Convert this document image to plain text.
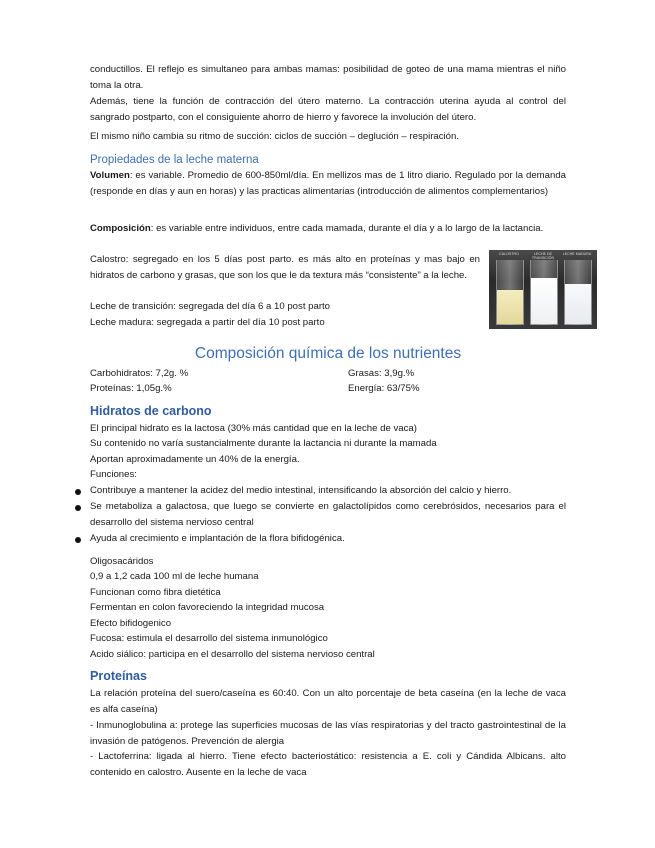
conductillos. El reflejo es simultaneo para ambas mamas: posibilidad de goteo de una mama mientras el niño toma la otra.
Además, tiene la función de contracción del útero materno. La contracción uterina ayuda al control del sangrado postparto, con el consiguiente ahorro de hierro y favorece la involución del útero.
El mismo niño cambia su ritmo de succión: ciclos de succión – deglución – respiración.
Propiedades de la leche materna
Volumen: es variable. Promedio de 600-850ml/día. En mellizos mas de 1 litro diario. Regulado por la demanda (responde en días y aun en horas) y las practicas alimentarias (introducción de alimentos complementarios)
Composición: es variable entre individuos, entre cada mamada, durante el día y a lo largo de la lactancia.
Calostro: segregado en los 5 días post parto. es más alto en proteínas y mas bajo en hidratos de carbono y grasas, que son los que le da textura más “consistente” a la leche.
Leche de transición: segregada del día 6 a 10 post parto
Leche madura: segregada a partir del día 10 post parto
CALOSTRO	LECHE DE TRANSICIÓN
LECHE MADURA
Composición química de los nutrientes
Carbohidratos: 7,2g. %	Grasas: 3,9g.%
Proteínas: 1,05g.%	Energía: 63/75%
Hidratos de carbono
El principal hidrato es la lactosa (30% más cantidad que en la leche de vaca)
Su contenido no varía sustancialmente durante la lactancia ni durante la mamada
Aportan aproximadamente un 40% de la energía.
Funciones:
Contribuye a mantener la acidez del medio intestinal, intensificando la absorción del calcio y hierro.
Se metaboliza a galactosa, que luego se convierte en galactolípidos como cerebrósidos, necesarios para el desarrollo del sistema nervioso central
Ayuda al crecimiento e implantación de la flora bifidogénica.
Oligosacáridos
0,9 a 1,2 cada 100 ml de leche humana
Funcionan como fibra dietética
Fermentan en colon favoreciendo la integridad mucosa
Efecto bifidogenico
Fucosa: estimula el desarrollo del sistema inmunológico
Acido siálico: participa en el desarrollo del sistema nervioso central
Proteínas
La relación proteína del suero/caseína es 60:40. Con un alto porcentaje de beta caseína (en la leche de vaca es alfa caseína)
- Inmunoglobulina a: protege las superficies mucosas de las vías respiratorias y del tracto gastrointestinal de la invasión de patógenos. Prevención de alergia
- Lactoferrina: ligada al hierro. Tiene efecto bacteriostático: resistencia a E. coli y Cándida Albicans. alto contenido en calostro. Ausente en la leche de vaca
